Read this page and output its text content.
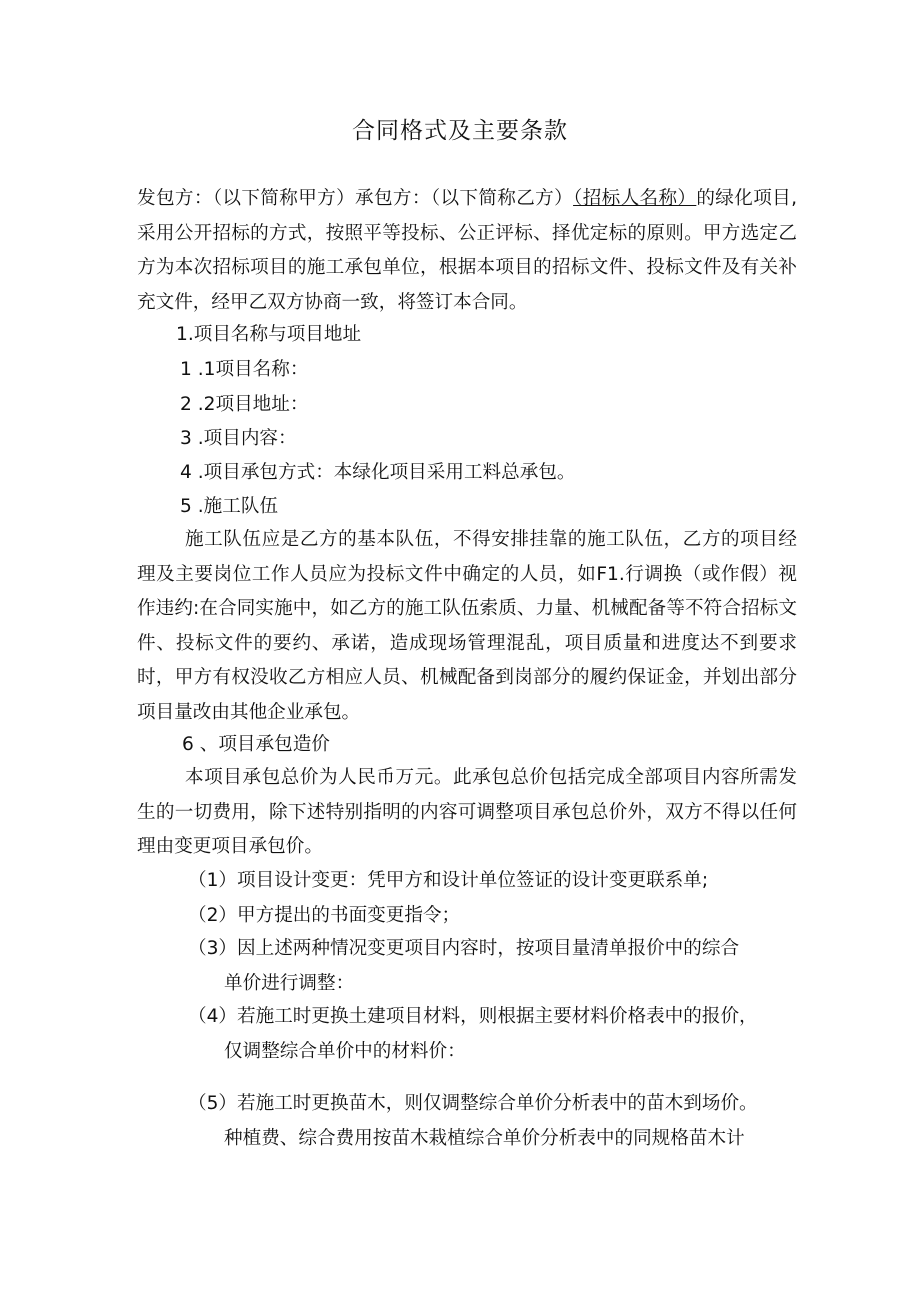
合同格式及主要条款

发包方：（以下简称甲方）承包方：（以下简称乙方）（招标人名称）的绿化项目,采用公开招标的方式，按照平等投标、公正评标、择优定标的原则。甲方选定乙方为本次招标项目的施工承包单位，根据本项目的招标文件、投标文件及有关补充文件，经甲乙双方协商一致，将签订本合同。

1.项目名称与项目地址
1 .1项目名称：
2 .2项目地址：
3 .项目内容：
4 .项目承包方式：本绿化项目采用工料总承包。
5 .施工队伍

施工队伍应是乙方的基本队伍，不得安排挂靠的施工队伍，乙方的项目经理及主要岗位工作人员应为投标文件中确定的人员，如F1.行调换（或作假）视作违约:在合同实施中，如乙方的施工队伍索质、力量、机械配备等不符合招标文件、投标文件的要约、承诺，造成现场管理混乱，项目质量和进度达不到要求时，甲方有权没收乙方相应人员、机械配备到岗部分的履约保证金，并划出部分项目量改由其他企业承包。

6 、项目承包造价

本项目承包总价为人民币万元。此承包总价包括完成全部项目内容所需发生的一切费用，除下述特别指明的内容可调整项目承包总价外，双方不得以任何理由变更项目承包价。

（1）项目设计变更：凭甲方和设计单位签证的设计变更联系单;
（2）甲方提出的书面变更指令；
（3）因上述两种情况变更项目内容时，按项目量清单报价中的综合
单价进行调整：
（4）若施工时更换土建项目材料，则根据主要材料价格表中的报价，
仅调整综合单价中的材料价：
（5）若施工时更换苗木，则仅调整综合单价分析表中的苗木到场价。
种植费、综合费用按苗木栽植综合单价分析表中的同规格苗木计
